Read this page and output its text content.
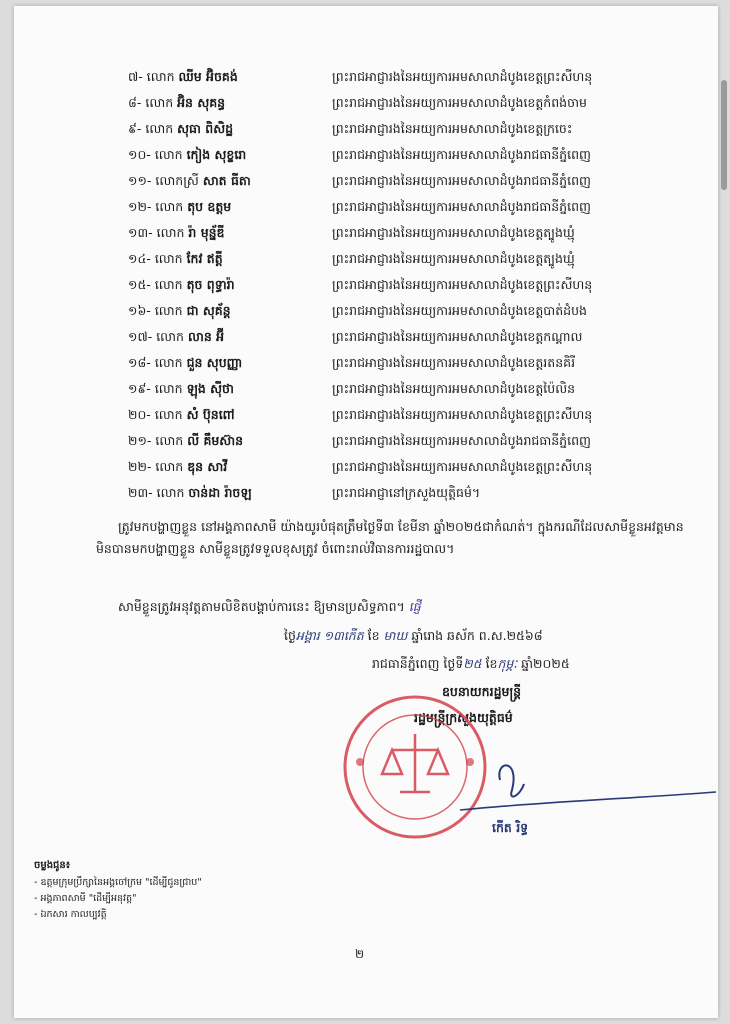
៧- លោក ឈីម អ៊ិចគង់	ព្រះរាជអាជ្ញារងនៃអយ្យការអមសាលាដំបូងខេត្តព្រះសីហនុ
៨- លោក អ៊ិន សុគន្ធ	ព្រះរាជអាជ្ញារងនៃអយ្យការអមសាលាដំបូងខេត្តកំពង់ចាម
៩- លោក សុធា ពិសិដ្ឋ	ព្រះរាជអាជ្ញារងនៃអយ្យការអមសាលាដំបូងខេត្តក្រចេះ
១០- លោក កៀង សុខ្ខរោ	ព្រះរាជអាជ្ញារងនៃអយ្យការអមសាលាដំបូងរាជធានីភ្នំពេញ
១១- លោកស្រី សាត ធីតា	ព្រះរាជអាជ្ញារងនៃអយ្យការអមសាលាដំបូងរាជធានីភ្នំពេញ
១២- លោក តុប ឧត្តម	ព្រះរាជអាជ្ញារងនៃអយ្យការអមសាលាដំបូងរាជធានីភ្នំពេញ
១៣- លោក រ៉ា មុន្ន័ឌី	ព្រះរាជអាជ្ញារងនៃអយ្យការអមសាលាដំបូងខេត្តត្បូងឃ្មុំ
១៤- លោក កែវ ឥត្តី	ព្រះរាជអាជ្ញារងនៃអយ្យការអមសាលាដំបូងខេត្តត្បូងឃ្មុំ
១៥- លោក តុច ពុទ្ធារ៉ា	ព្រះរាជអាជ្ញារងនៃអយ្យការអមសាលាដំបូងខេត្តព្រះសីហនុ
១៦- លោក ជា សុគ័ន្ត	ព្រះរាជអាជ្ញារងនៃអយ្យការអមសាលាដំបូងខេត្តបាត់ដំបង
១៧- លោក លាន អ៊ី	ព្រះរាជអាជ្ញារងនៃអយ្យការអមសាលាដំបូងខេត្តកណ្តាល
១៨- លោក ជួន សុបញ្ញា	ព្រះរាជអាជ្ញារងនៃអយ្យការអមសាលាដំបូងខេត្តរតនគិរី
១៩- លោក ឡុង ស៊ីថា	ព្រះរាជអាជ្ញារងនៃអយ្យការអមសាលាដំបូងខេត្តប៉ៃលិន
២០- លោក សំ ប៊ុនពៅ	ព្រះរាជអាជ្ញារងនៃអយ្យការអមសាលាដំបូងខេត្តព្រះសីហនុ
២១- លោក លី គឹមស៊ាន	ព្រះរាជអាជ្ញារងនៃអយ្យការអមសាលាដំបូងរាជធានីភ្នំពេញ
២២- លោក ឌុន សាវី	ព្រះរាជអាជ្ញារងនៃអយ្យការអមសាលាដំបូងខេត្តព្រះសីហនុ
២៣- លោក ចាន់ដា រ៉ាចឡ	ព្រះរាជអាជ្ញានៅក្រសួងយុត្តិធម៌។
ត្រូវមកបង្ហាញខ្លួន នៅអង្គភាពសាមី យ៉ាងយូរបំផុតត្រឹមថ្ងៃទី៣ ខែមីនា ឆ្នាំ២០២៥ជាកំណត់។ ក្នុងករណីដែលសាមីខ្លួនអវត្តមាន មិនបានមកបង្ហាញខ្លួន សាមីខ្លួនត្រូវទទួលខុសត្រូវ ចំពោះរាល់វិធានការរដ្ឋបាល។
សាមីខ្លួនត្រូវអនុវត្តតាមលិខិតបង្គាប់ការនេះ ឱ្យមានប្រសិទ្ធភាព។ ផ្ញើ
ថ្ងៃអង្គារ ១៣កើត ខែ មាឃ ឆ្នាំរោង ឆស័ក ព.ស.២៥៦៨
រាជធានីភ្នំពេញ ថ្ងៃទី២៥ ខែកុម្ភៈ ឆ្នាំ២០២៥
ឧបនាយករដ្ឋមន្ត្រី
រដ្ឋមន្ត្រីក្រសួងយុត្តិធម៌
កើត រិទ្ធ
ចម្លងជូន៖
- ឧត្តមក្រុមប្រឹក្សានៃអង្គចៅក្រម "ដើម្បីជូនជ្រាប"
- អង្គភាពសាមី "ដើម្បីអនុវត្ត"
- ឯកសារ កាលប្បវត្តិ
២
